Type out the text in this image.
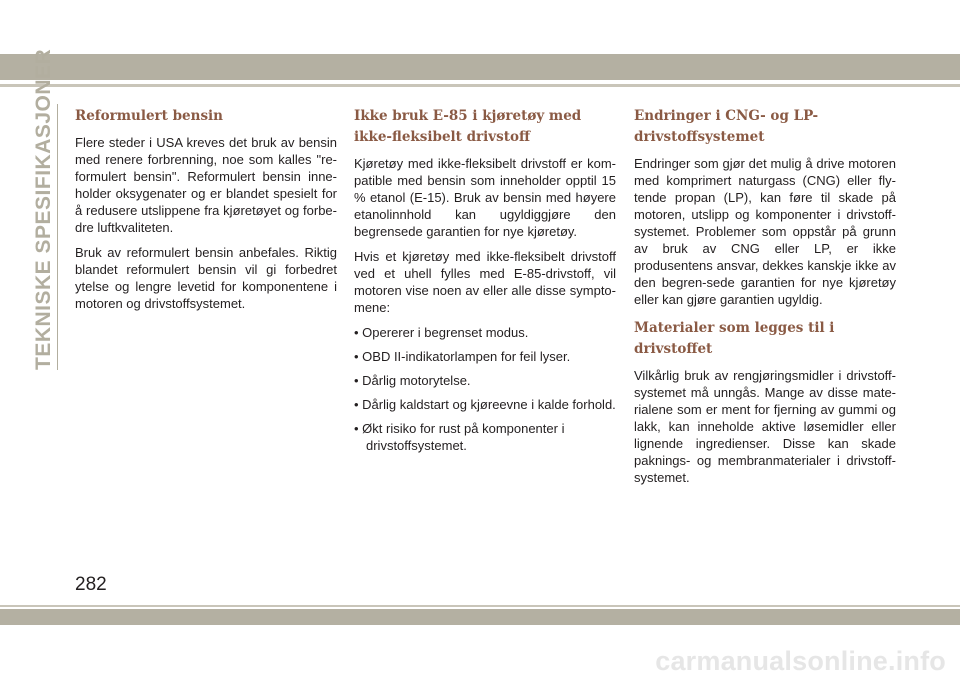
TEKNISKE SPESIFIKASJONER Reformulert bensin

Flere steder i USA kreves det bruk av bensin med renere forbrenning, noe som kalles "re-formulert bensin". Reformulert bensin inne-holder oksygenater og er blandet spesielt for å redusere utslippene fra kjøretøyet og forbe-dre luftkvaliteten.

Bruk av reformulert bensin anbefales. Riktig blandet reformulert bensin vil gi forbedret ytelse og lengre levetid for komponentene i motoren og drivstoffsystemet.

Ikke bruk E-85 i kjøretøy med ikke-fleksibelt drivstoff

Kjøretøy med ikke-fleksibelt drivstoff er kom-patible med bensin som inneholder opptil 15 % etanol (E-15). Bruk av bensin med høyere etanolinnhold kan ugyldiggjøre den begrensede garantien for nye kjøretøy.

Hvis et kjøretøy med ikke-fleksibelt drivstoff ved et uhell fylles med E-85-drivstoff, vil motoren vise noen av eller alle disse sympto-mene:

• Opererer i begrenset modus.
• OBD II-indikatorlampen for feil lyser.
• Dårlig motorytelse.
• Dårlig kaldstart og kjøreevne i kalde forhold.
• Økt risiko for rust på komponenter i drivstoffsystemet.
Endringer i CNG- og LP-drivstoffsystemet

Endringer som gjør det mulig å drive motoren med komprimert naturgass (CNG) eller fly-tende propan (LP), kan føre til skade på motoren, utslipp og komponenter i drivstoff-systemet. Problemer som oppstår på grunn av bruk av CNG eller LP, er ikke produsentens ansvar, dekkes kanskje ikke av den begren-sede garantien for nye kjøretøy eller kan gjøre garantien ugyldig.

Materialer som legges til i drivstoffet

Vilkårlig bruk av rengjøringsmidler i drivstoff-systemet må unngås. Mange av disse mate-rialene som er ment for fjerning av gummi og lakk, kan inneholde aktive løsemidler eller lignende ingredienser. Disse kan skade paknings- og membranmaterialer i drivstoff-systemet.

282
carmanualsonline.info
